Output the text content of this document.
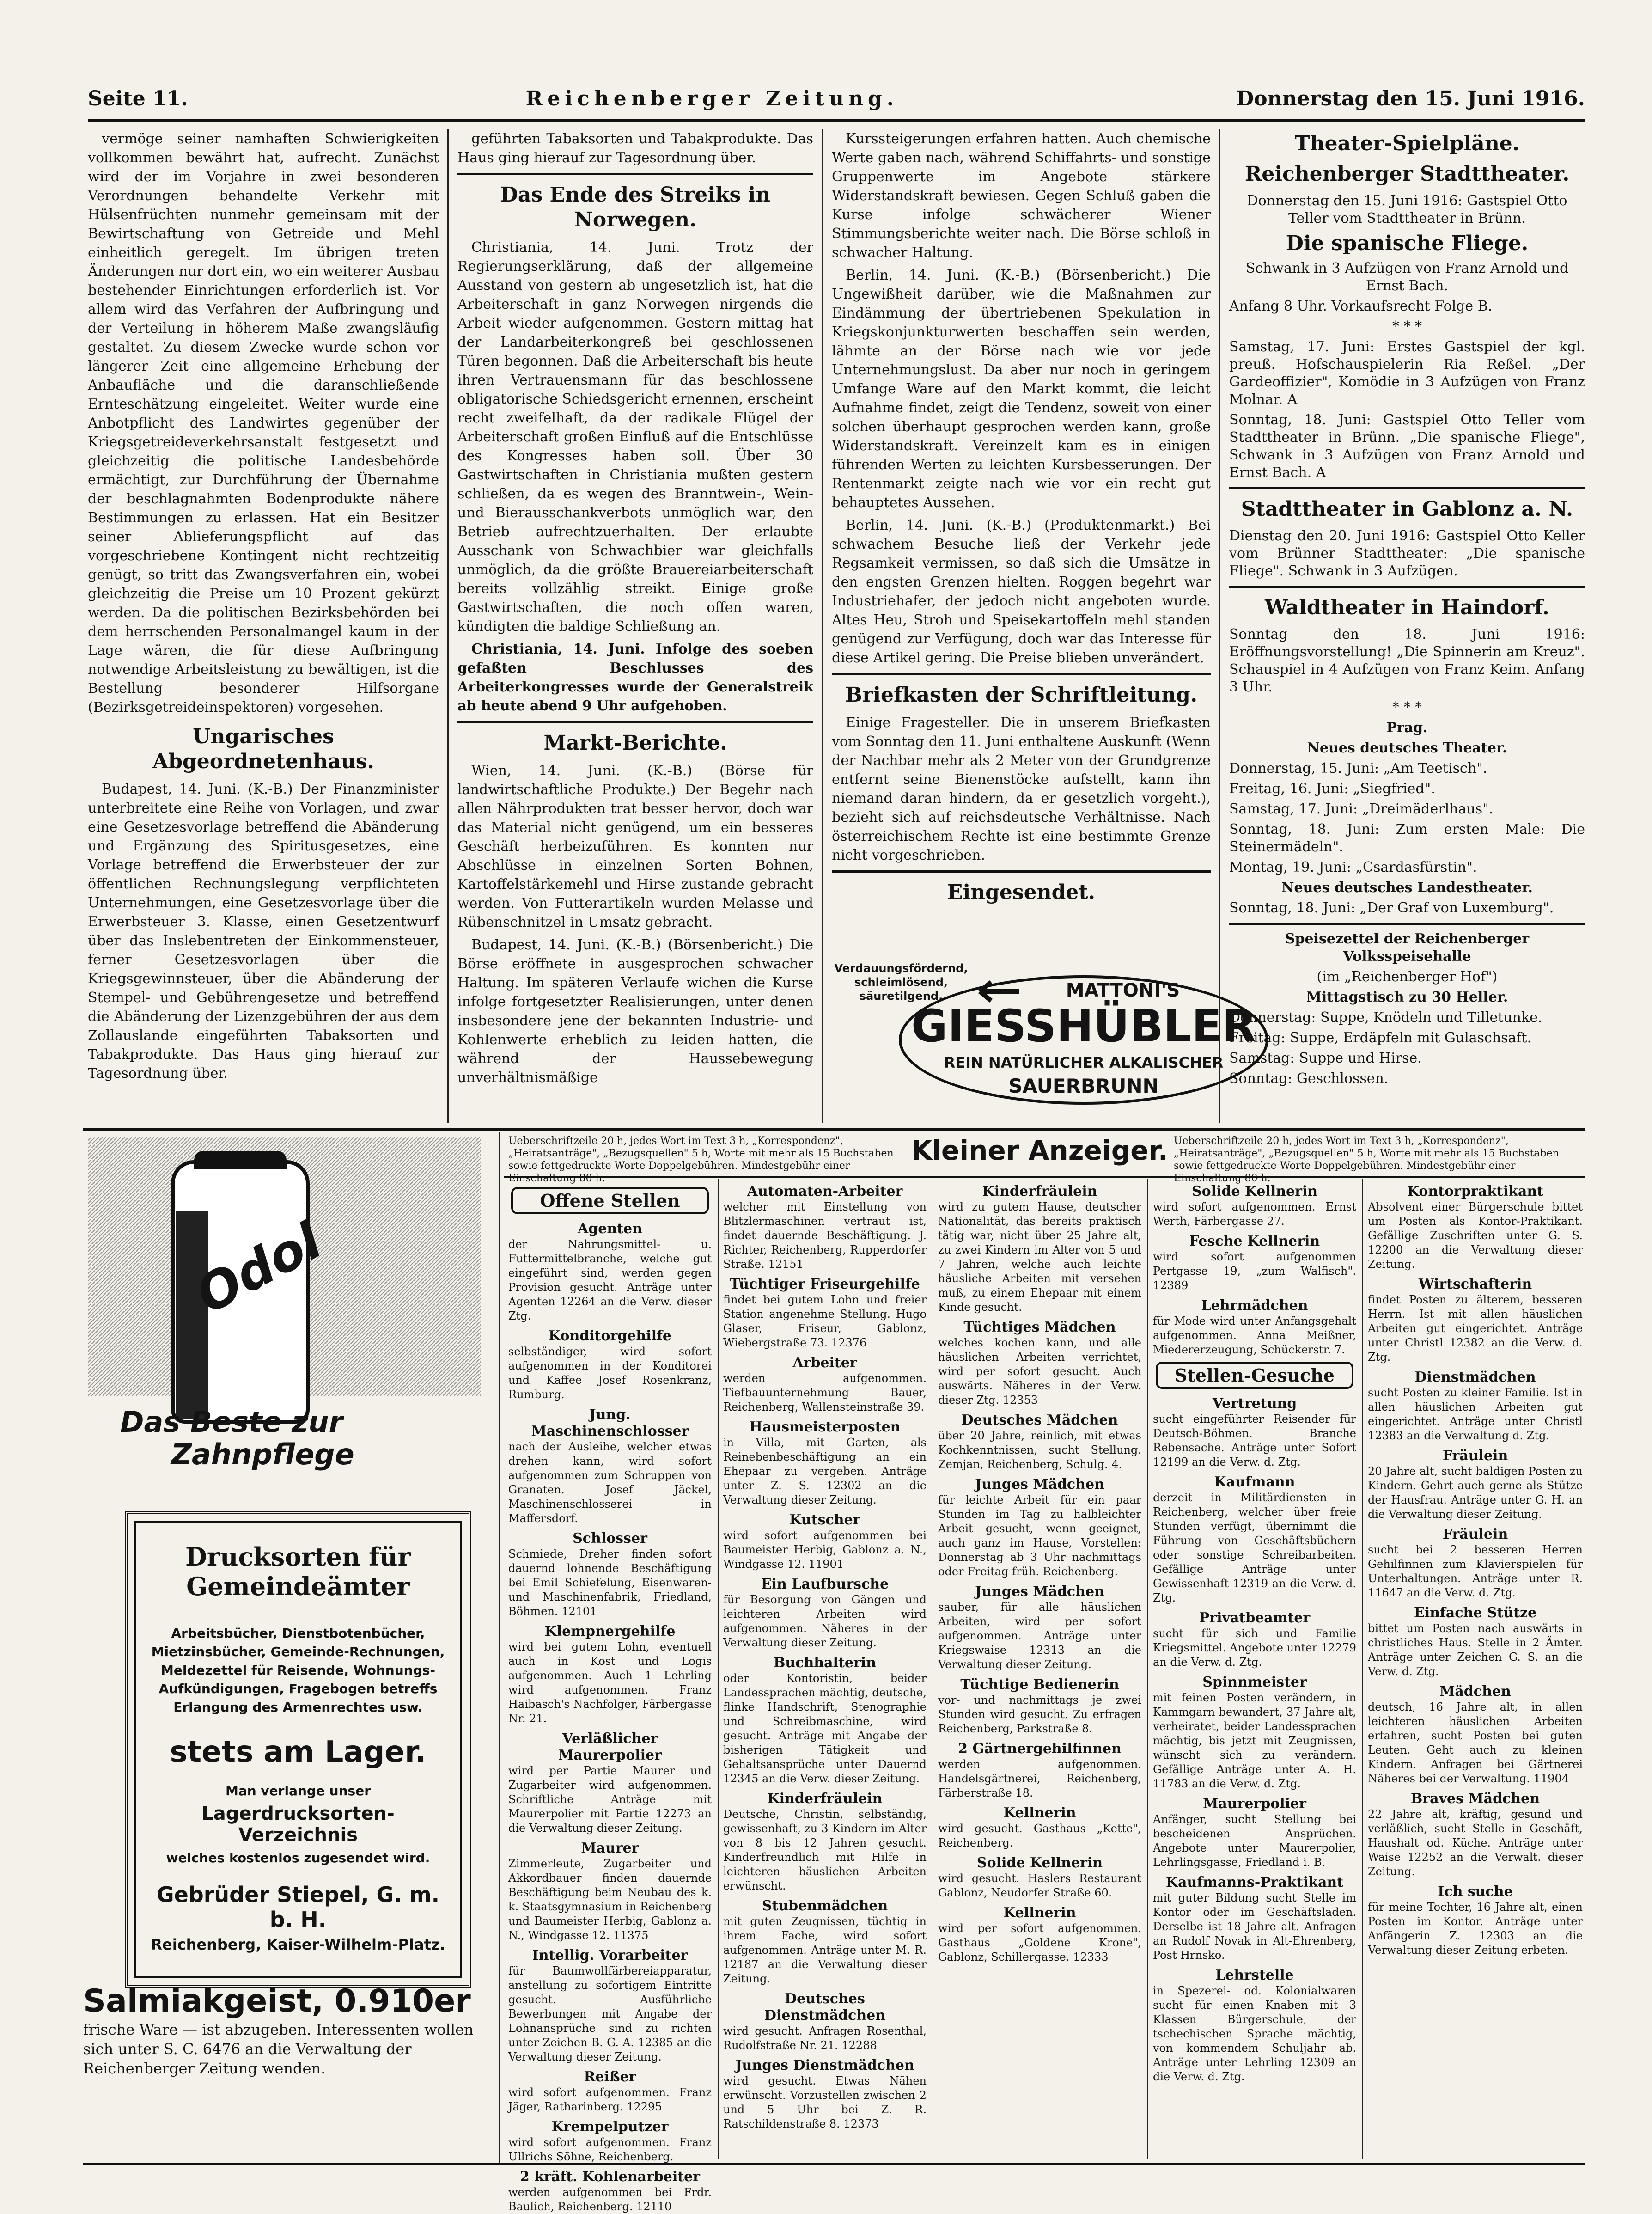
Seite 11.	Reichenberger Zeitung.	Donnerstag den 15. Juni 1916.

vermöge seiner namhaften Schwierigkeiten vollkommen bewährt hat, aufrecht. Zunächst wird der im Vorjahre in zwei besonderen Verordnungen behandelte Verkehr mit Hülsenfrüchten nunmehr gemeinsam mit der Bewirtschaftung von Getreide und Mehl einheitlich geregelt. Im übrigen treten Änderungen nur dort ein, wo ein weiterer Ausbau bestehender Einrichtungen erforderlich ist. Vor allem wird das Verfahren der Aufbringung und der Verteilung in höherem Maße zwangsläufig gestaltet. Zu diesem Zwecke wurde schon vor längerer Zeit eine allgemeine Erhebung der Anbaufläche und die daranschließende Ernteschätzung eingeleitet. Weiter wurde eine Anbotpflicht des Landwirtes gegenüber der Kriegsgetreideverkehrsanstalt festgesetzt und gleichzeitig die politische Landesbehörde ermächtigt, zur Durchführung der Übernahme der beschlagnahmten Bodenprodukte nähere Bestimmungen zu erlassen. Hat ein Besitzer seiner Ablieferungspflicht auf das vorgeschriebene Kontingent nicht rechtzeitig genügt, so tritt das Zwangsverfahren ein, wobei gleichzeitig die Preise um 10 Prozent gekürzt werden. Da die politischen Bezirksbehörden bei dem herrschenden Personalmangel kaum in der Lage wären, die für diese Aufbringung notwendige Arbeitsleistung zu bewältigen, ist die Bestellung besonderer Hilfsorgane (Bezirksgetreideinspektoren) vorgesehen.

Ungarisches Abgeordnetenhaus.

Budapest, 14. Juni. (K.-B.) Der Finanzminister unterbreitete eine Reihe von Vorlagen, und zwar eine Gesetzesvorlage betreffend die Abänderung und Ergänzung des Spiritusgesetzes, eine Vorlage betreffend die Erwerbsteuer der zur öffentlichen Rechnungslegung verpflichteten Unternehmungen, eine Gesetzesvorlage über die Erwerbsteuer 3. Klasse, einen Gesetzentwurf über das Inslebentreten der Einkommensteuer, ferner Gesetzesvorlagen über die Kriegsgewinnsteuer, über die Abänderung der Stempel- und Gebührengesetze und betreffend die Abänderung der Lizenzgebühren der aus dem Zollauslande eingeführten Tabaksorten und Tabakprodukte. Das Haus ging hierauf zur Tagesordnung über.

geführten Tabaksorten und Tabakprodukte. Das Haus ging hierauf zur Tagesordnung über.

Das Ende des Streiks in Norwegen.

Christiania, 14. Juni. Trotz der Regierungserklärung, daß der allgemeine Ausstand von gestern ab ungesetzlich ist, hat die Arbeiterschaft in ganz Norwegen nirgends die Arbeit wieder aufgenommen. Gestern mittag hat der Landarbeiterkongreß bei geschlossenen Türen begonnen. Daß die Arbeiterschaft bis heute ihren Vertrauensmann für das beschlossene obligatorische Schiedsgericht ernennen, erscheint recht zweifelhaft, da der radikale Flügel der Arbeiterschaft großen Einfluß auf die Entschlüsse des Kongresses haben soll. Über 30 Gastwirtschaften in Christiania mußten gestern schließen, da es wegen des Branntwein-, Wein- und Bierausschankverbots unmöglich war, den Betrieb aufrechtzuerhalten. Der erlaubte Ausschank von Schwachbier war gleichfalls unmöglich, da die größte Brauereiarbeiterschaft bereits vollzählig streikt. Einige große Gastwirtschaften, die noch offen waren, kündigten die baldige Schließung an.

Christiania, 14. Juni. Infolge des soeben gefaßten Beschlusses des Arbeiterkongresses wurde der Generalstreik ab heute abend 9 Uhr aufgehoben.

Markt-Berichte.

Wien, 14. Juni. (K.-B.) (Börse für landwirtschaftliche Produkte.) Der Begehr nach allen Nährprodukten trat besser hervor, doch war das Material nicht genügend, um ein besseres Geschäft herbeizuführen. Es konnten nur Abschlüsse in einzelnen Sorten Bohnen, Kartoffelstärkemehl und Hirse zustande gebracht werden. Von Futterartikeln wurden Melasse und Rübenschnitzel in Umsatz gebracht.

Budapest, 14. Juni. (K.-B.) (Börsenbericht.) Die Börse eröffnete in ausgesprochen schwacher Haltung. Im späteren Verlaufe wichen die Kurse infolge fortgesetzter Realisierungen, unter denen insbesondere jene der bekannten Industrie- und Kohlenwerte erheblich zu leiden hatten, die während der Haussebewegung unverhältnismäßige

Kurssteigerungen erfahren hatten. Auch chemische Werte gaben nach, während Schiffahrts- und sonstige Gruppenwerte im Angebote stärkere Widerstandskraft bewiesen. Gegen Schluß gaben die Kurse infolge schwächerer Wiener Stimmungsberichte weiter nach. Die Börse schloß in schwacher Haltung.

Berlin, 14. Juni. (K.-B.) (Börsenbericht.) Die Ungewißheit darüber, wie die Maßnahmen zur Eindämmung der übertriebenen Spekulation in Kriegskonjunkturwerten beschaffen sein werden, lähmte an der Börse nach wie vor jede Unternehmungslust. Da aber nur noch in geringem Umfange Ware auf den Markt kommt, die leicht Aufnahme findet, zeigt die Tendenz, soweit von einer solchen überhaupt gesprochen werden kann, große Widerstandskraft. Vereinzelt kam es in einigen führenden Werten zu leichten Kursbesserungen. Der Rentenmarkt zeigte nach wie vor ein recht gut behauptetes Aussehen.

Berlin, 14. Juni. (K.-B.) (Produktenmarkt.) Bei schwachem Besuche ließ der Verkehr jede Regsamkeit vermissen, so daß sich die Umsätze in den engsten Grenzen hielten. Roggen begehrt war Industriehafer, der jedoch nicht angeboten wurde. Altes Heu, Stroh und Speisekartoffeln mehl standen genügend zur Verfügung, doch war das Interesse für diese Artikel gering. Die Preise blieben unverändert.

Briefkasten der Schriftleitung.

Einige Fragesteller. Die in unserem Briefkasten vom Sonntag den 11. Juni enthaltene Auskunft (Wenn der Nachbar mehr als 2 Meter von der Grundgrenze entfernt seine Bienenstöcke aufstellt, kann ihn niemand daran hindern, da er gesetzlich vorgeht.), bezieht sich auf reichsdeutsche Verhältnisse. Nach österreichischem Rechte ist eine bestimmte Grenze nicht vorgeschrieben.

Eingesendet.
Verdauungsfördernd,
schleimlösend,
säuretilgend.	MATTONI'S
GIESSHÜBLER
REIN NATÜRLICHER ALKALISCHER
SAUERBRUNN
Theater-Spielpläne.
Reichenberger Stadttheater.
Donnerstag den 15. Juni 1916: Gastspiel Otto Teller vom Stadttheater in Brünn.
Die spanische Fliege.
Schwank in 3 Aufzügen von Franz Arnold und Ernst Bach.
Anfang 8 Uhr. Vorkaufsrecht Folge B.
* * *
Samstag, 17. Juni: Erstes Gastspiel der kgl. preuß. Hofschauspielerin Ria Reßel. „Der Gardeoffizier", Komödie in 3 Aufzügen von Franz Molnar. A
Sonntag, 18. Juni: Gastspiel Otto Teller vom Stadttheater in Brünn. „Die spanische Fliege", Schwank in 3 Aufzügen von Franz Arnold und Ernst Bach. A
Stadttheater in Gablonz a. N.
Dienstag den 20. Juni 1916: Gastspiel Otto Keller vom Brünner Stadttheater: „Die spanische Fliege". Schwank in 3 Aufzügen.
Waldtheater in Haindorf.
Sonntag den 18. Juni 1916: Eröffnungsvorstellung! „Die Spinnerin am Kreuz". Schauspiel in 4 Aufzügen von Franz Keim. Anfang 3 Uhr.
* * *
Prag.
Neues deutsches Theater.
Donnerstag, 15. Juni: „Am Teetisch".
Freitag, 16. Juni: „Siegfried".
Samstag, 17. Juni: „Dreimäderlhaus".
Sonntag, 18. Juni: Zum ersten Male: Die Steinermädeln".
Montag, 19. Juni: „Csardasfürstin".
Neues deutsches Landestheater.
Sonntag, 18. Juni: „Der Graf von Luxemburg".
Speisezettel der Reichenberger Volksspeisehalle
(im „Reichenberger Hof")
Mittagstisch zu 30 Heller.
Donnerstag: Suppe, Knödeln und Tilletunke.
Freitag: Suppe, Erdäpfeln mit Gulaschsaft.
Samstag: Suppe und Hirse.
Sonntag: Geschlossen.
Odol
Das Beste zur
Zahnpflege
Drucksorten für Gemeindeämter
Arbeitsbücher, Dienstbotenbücher, Mietzinsbücher, Gemeinde-Rechnungen, Meldezettel für Reisende, Wohnungs-Aufkündigungen, Fragebogen betreffs Erlangung des Armenrechtes usw.
stets am Lager.
Man verlange unser
Lagerdrucksorten-Verzeichnis
welches kostenlos zugesendet wird.
Gebrüder Stiepel, G. m. b. H.
Reichenberg, Kaiser-Wilhelm-Platz.
Salmiakgeist, 0.910er
frische Ware — ist abzugeben. Interessenten wollen sich unter S. C. 6476 an die Verwaltung der Reichenberger Zeitung wenden.
Ueberschriftzeile 20 h, jedes Wort im Text 3 h, „Korrespondenz", „Heiratsanträge", „Bezugsquellen" 5 h, Worte mit mehr als 15 Buchstaben sowie fettgedruckte Worte Doppelgebühren. Mindestgebühr einer Einschaltung 80 h.
Kleiner Anzeiger. Ueberschriftzeile 20 h, jedes Wort im Text 3 h, „Korrespondenz", „Heiratsanträge", „Bezugsquellen" 5 h, Worte mit mehr als 15 Buchstaben sowie fettgedruckte Worte Doppelgebühren. Mindestgebühr einer Einschaltung 80 h.
Offene Stellen
Agenten
der Nahrungsmittel- u. Futtermittelbranche, welche gut eingeführt sind, werden gegen Provision gesucht. Anträge unter Agenten 12264 an die Verw. dieser Ztg.
Konditorgehilfe
selbständiger, wird sofort aufgenommen in der Konditorei und Kaffee Josef Rosenkranz, Rumburg.
Jung. Maschinenschlosser
nach der Ausleihe, welcher etwas drehen kann, wird sofort aufgenommen zum Schruppen von Granaten. Josef Jäckel, Maschinenschlosserei in Maffersdorf.
Schlosser
Schmiede, Dreher finden sofort dauernd lohnende Beschäftigung bei Emil Schiefelung, Eisenwaren- und Maschinenfabrik, Friedland, Böhmen. 12101
Klempnergehilfe
wird bei gutem Lohn, eventuell auch in Kost und Logis aufgenommen. Auch 1 Lehrling wird aufgenommen. Franz Haibasch's Nachfolger, Färbergasse Nr. 21.
Verläßlicher Maurerpolier
wird per Partie Maurer und Zugarbeiter wird aufgenommen. Schriftliche Anträge mit Maurerpolier mit Partie 12273 an die Verwaltung dieser Zeitung.
Maurer
Zimmerleute, Zugarbeiter und Akkordbauer finden dauernde Beschäftigung beim Neubau des k. k. Staatsgymnasium in Reichenberg und Baumeister Herbig, Gablonz a. N., Windgasse 12. 11375
Intellig. Vorarbeiter
für Baumwollfärbereiapparatur, anstellung zu sofortigem Eintritte gesucht. Ausführliche Bewerbungen mit Angabe der Lohnansprüche sind zu richten unter Zeichen B. G. A. 12385 an die Verwaltung dieser Zeitung.
Reißer
wird sofort aufgenommen. Franz Jäger, Ratharinberg. 12295
Krempelputzer
wird sofort aufgenommen. Franz Ullrichs Söhne, Reichenberg.
2 kräft. Kohlenarbeiter
werden aufgenommen bei Frdr. Baulich, Reichenberg. 12110
Automaten-Arbeiter
welcher mit Einstellung von Blitzlermaschinen vertraut ist, findet dauernde Beschäftigung. J. Richter, Reichenberg, Rupperdorfer Straße. 12151
Tüchtiger Friseurgehilfe
findet bei gutem Lohn und freier Station angenehme Stellung. Hugo Glaser, Friseur, Gablonz, Wiebergstraße 73. 12376
Arbeiter
werden aufgenommen. Tiefbauunternehmung Bauer, Reichenberg, Wallensteinstraße 39.
Hausmeisterposten
in Villa, mit Garten, als Reinebenbeschäftigung an ein Ehepaar zu vergeben. Anträge unter Z. S. 12302 an die Verwaltung dieser Zeitung.
Kutscher
wird sofort aufgenommen bei Baumeister Herbig, Gablonz a. N., Windgasse 12. 11901
Ein Laufbursche
für Besorgung von Gängen und leichteren Arbeiten wird aufgenommen. Näheres in der Verwaltung dieser Zeitung.
Buchhalterin
oder Kontoristin, beider Landessprachen mächtig, deutsche, flinke Handschrift, Stenographie und Schreibmaschine, wird gesucht. Anträge mit Angabe der bisherigen Tätigkeit und Gehaltsansprüche unter Dauernd 12345 an die Verw. dieser Zeitung.
Kinderfräulein
Deutsche, Christin, selbständig, gewissenhaft, zu 3 Kindern im Alter von 8 bis 12 Jahren gesucht. Kinderfreundlich mit Hilfe in leichteren häuslichen Arbeiten erwünscht.
Stubenmädchen
mit guten Zeugnissen, tüchtig in ihrem Fache, wird sofort aufgenommen. Anträge unter M. R. 12187 an die Verwaltung dieser Zeitung.
Deutsches Dienstmädchen
wird gesucht. Anfragen Rosenthal, Rudolfstraße Nr. 21. 12288
Junges Dienstmädchen
wird gesucht. Etwas Nähen erwünscht. Vorzustellen zwischen 2 und 5 Uhr bei Z. R. Ratschildenstraße 8. 12373
Kinderfräulein
wird zu gutem Hause, deutscher Nationalität, das bereits praktisch tätig war, nicht über 25 Jahre alt, zu zwei Kindern im Alter von 5 und 7 Jahren, welche auch leichte häusliche Arbeiten mit versehen muß, zu einem Ehepaar mit einem Kinde gesucht.
Tüchtiges Mädchen
welches kochen kann, und alle häuslichen Arbeiten verrichtet, wird per sofort gesucht. Auch auswärts. Näheres in der Verw. dieser Ztg. 12353
Deutsches Mädchen
über 20 Jahre, reinlich, mit etwas Kochkenntnissen, sucht Stellung. Zemjan, Reichenberg, Schulg. 4.
Junges Mädchen
für leichte Arbeit für ein paar Stunden im Tag zu halbleichter Arbeit gesucht, wenn geeignet, auch ganz im Hause, Vorstellen: Donnerstag ab 3 Uhr nachmittags oder Freitag früh. Reichenberg.
Junges Mädchen
sauber, für alle häuslichen Arbeiten, wird per sofort aufgenommen. Anträge unter Kriegswaise 12313 an die Verwaltung dieser Zeitung.
Tüchtige Bedienerin
vor- und nachmittags je zwei Stunden wird gesucht. Zu erfragen Reichenberg, Parkstraße 8.
2 Gärtnergehilfinnen
werden aufgenommen. Handelsgärtnerei, Reichenberg, Färberstraße 18.
Kellnerin
wird gesucht. Gasthaus „Kette", Reichenberg.
Solide Kellnerin
wird gesucht. Haslers Restaurant Gablonz, Neudorfer Straße 60.
Kellnerin
wird per sofort aufgenommen. Gasthaus „Goldene Krone", Gablonz, Schillergasse. 12333
Solide Kellnerin
wird sofort aufgenommen. Ernst Werth, Färbergasse 27.
Fesche Kellnerin
wird sofort aufgenommen Pertgasse 19, „zum Walfisch". 12389
Lehrmädchen
für Mode wird unter Anfangsgehalt aufgenommen. Anna Meißner, Miedererzeugung, Schückerstr. 7.
Stellen-Gesuche
Vertretung
sucht eingeführter Reisender für Deutsch-Böhmen. Branche Rebensache. Anträge unter Sofort 12199 an die Verw. d. Ztg.
Kaufmann
derzeit in Militärdiensten in Reichenberg, welcher über freie Stunden verfügt, übernimmt die Führung von Geschäftsbüchern oder sonstige Schreibarbeiten. Gefällige Anträge unter Gewissenhaft 12319 an die Verw. d. Ztg.
Privatbeamter
sucht für sich und Familie Kriegsmittel. Angebote unter 12279 an die Verw. d. Ztg.
Spinnmeister
mit feinen Posten verändern, in Kammgarn bewandert, 37 Jahre alt, verheiratet, beider Landessprachen mächtig, bis jetzt mit Zeugnissen, wünscht sich zu verändern. Gefällige Anträge unter A. H. 11783 an die Verw. d. Ztg.
Maurerpolier
Anfänger, sucht Stellung bei bescheidenen Ansprüchen. Angebote unter Maurerpolier, Lehrlingsgasse, Friedland i. B.
Kaufmanns-Praktikant
mit guter Bildung sucht Stelle im Kontor oder im Geschäftsladen. Derselbe ist 18 Jahre alt. Anfragen an Rudolf Novak in Alt-Ehrenberg, Post Hrnsko.
Lehrstelle
in Spezerei- od. Kolonialwaren sucht für einen Knaben mit 3 Klassen Bürgerschule, der tschechischen Sprache mächtig, von kommendem Schuljahr ab. Anträge unter Lehrling 12309 an die Verw. d. Ztg.
Kontorpraktikant
Absolvent einer Bürgerschule bittet um Posten als Kontor-Praktikant. Gefällige Zuschriften unter G. S. 12200 an die Verwaltung dieser Zeitung.
Wirtschafterin
findet Posten zu älterem, besseren Herrn. Ist mit allen häuslichen Arbeiten gut eingerichtet. Anträge unter Christl 12382 an die Verw. d. Ztg.
Dienstmädchen
sucht Posten zu kleiner Familie. Ist in allen häuslichen Arbeiten gut eingerichtet. Anträge unter Christl 12383 an die Verwaltung d. Ztg.
Fräulein
20 Jahre alt, sucht baldigen Posten zu Kindern. Gehrt auch gerne als Stütze der Hausfrau. Anträge unter G. H. an die Verwaltung dieser Zeitung.
Fräulein
sucht bei 2 besseren Herren Gehilfinnen zum Klavierspielen für Unterhaltungen. Anträge unter R. 11647 an die Verw. d. Ztg.
Einfache Stütze
bittet um Posten nach auswärts in christliches Haus. Stelle in 2 Ämter. Anträge unter Zeichen G. S. an die Verw. d. Ztg.
Mädchen
deutsch, 16 Jahre alt, in allen leichteren häuslichen Arbeiten erfahren, sucht Posten bei guten Leuten. Geht auch zu kleinen Kindern. Anfragen bei Gärtnerei Näheres bei der Verwaltung. 11904
Braves Mädchen
22 Jahre alt, kräftig, gesund und verläßlich, sucht Stelle in Geschäft, Haushalt od. Küche. Anträge unter Waise 12252 an die Verwalt. dieser Zeitung.
Ich suche
für meine Tochter, 16 Jahre alt, einen Posten im Kontor. Anträge unter Anfängerin Z. 12303 an die Verwaltung dieser Zeitung erbeten.
